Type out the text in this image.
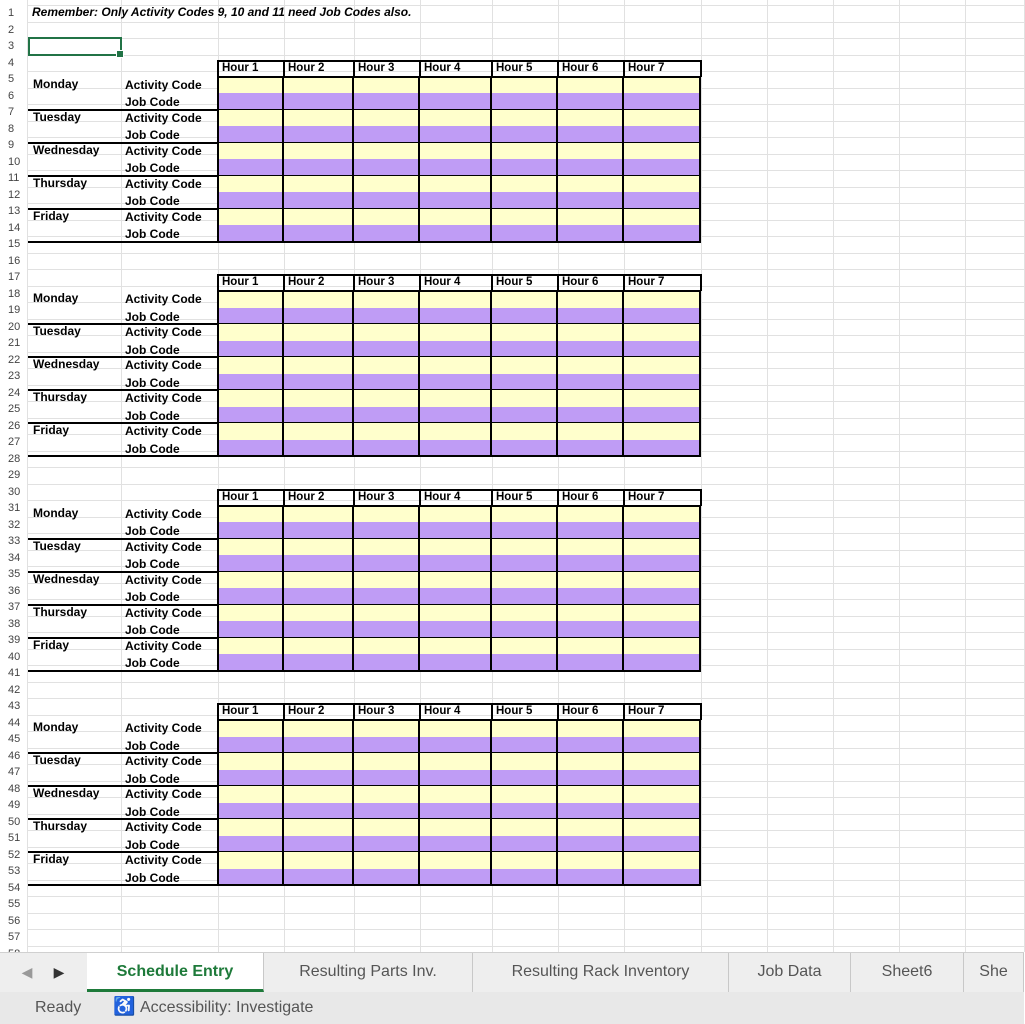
1
2
3
4
5
6
7
8
9
10
11
12
13
14
15
16
17
18
19
20
21
22
23
24
25
26
27
28
29
30
31
32
33
34
35
36
37
38
39
40
41
42
43
44
45
46
47
48
49
50
51
52
53
54
55
56
57
Remember: Only Activity Codes 9, 10 and 11 need Job Codes also.
Hour 1	Hour 2	Hour 3	Hour 4	Hour 5	Hour 6	Hour 7
Monday	Activity Code
Job Code
Tuesday	Activity Code
Job Code
Wednesday	Activity Code
Job Code
Thursday	Activity Code
Job Code
Friday	Activity Code
Job Code
Hour 1	Hour 2	Hour 3	Hour 4	Hour 5	Hour 6	Hour 7
Monday	Activity Code
Job Code
Tuesday	Activity Code
Job Code
Wednesday	Activity Code
Job Code
Thursday	Activity Code
Job Code
Friday	Activity Code
Job Code
Hour 1	Hour 2	Hour 3	Hour 4	Hour 5	Hour 6	Hour 7
Monday	Activity Code
Job Code
Tuesday	Activity Code
Job Code
Wednesday	Activity Code
Job Code
Thursday	Activity Code
Job Code
Friday	Activity Code
Job Code
Hour 1	Hour 2	Hour 3	Hour 4	Hour 5	Hour 6	Hour 7
Monday	Activity Code
Job Code
Tuesday	Activity Code
Job Code
Wednesday	Activity Code
Job Code
Thursday	Activity Code
Job Code
Friday	Activity Code
Job Code
◀ ▶	Schedule Entry	Resulting Parts Inv.	Resulting Rack Inventory	Job Data	Sheet6	She
Ready ♿ Accessibility: Investigate
